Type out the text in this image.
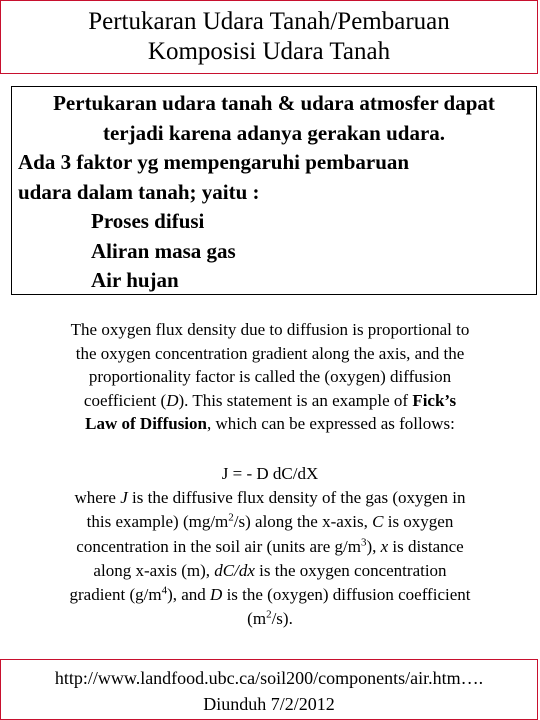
Pertukaran Udara Tanah/Pembaruan
Komposisi Udara Tanah
Pertukaran udara tanah & udara atmosfer dapat
terjadi karena adanya gerakan udara.
Ada 3 faktor yg mempengaruhi pembaruan
udara dalam tanah; yaitu :
Proses difusi
Aliran masa gas
Air hujan
The oxygen flux density due to diffusion is proportional to
the oxygen concentration gradient along the axis, and the
proportionality factor is called the (oxygen) diffusion
coefficient (D). This statement is an example of Fick’s
Law of Diffusion, which can be expressed as follows:
J = - D dC/dX
where J is the diffusive flux density of the gas (oxygen in
this example) $(mg/m^2/s)$ along the x-axis, C is oxygen
concentration in the soil air (units are $g/m^3$), x is distance
along x-axis (m), dC/dx is the oxygen concentration
gradient $(g/m^4)$, and D is the (oxygen) diffusion coefficient
$(m^2/s)$.
http://www.landfood.ubc.ca/soil200/components/air.htm….
Diunduh 7/2/2012
